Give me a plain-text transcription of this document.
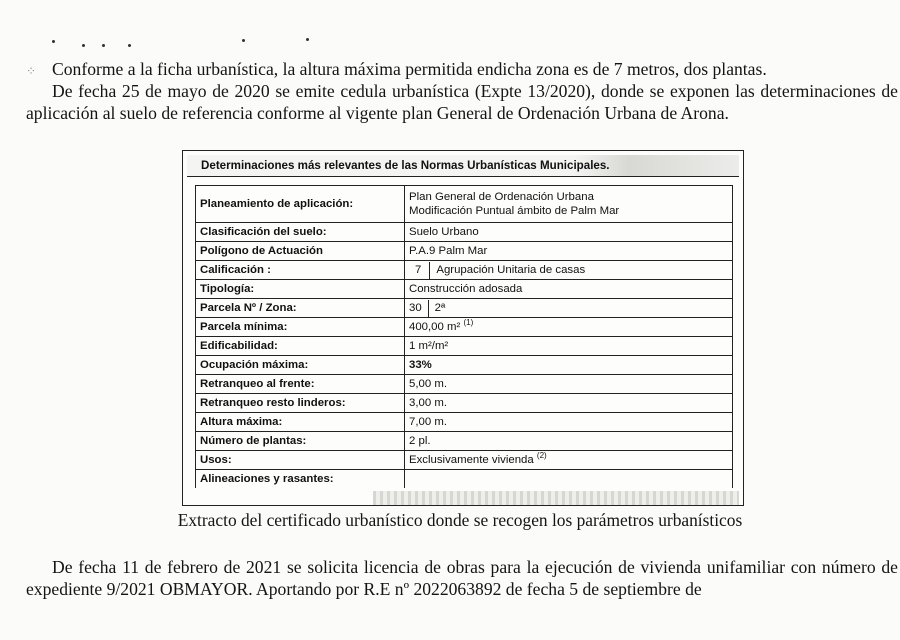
⁘ Conforme a la ficha urbanística, la altura máxima permitida endicha zona es de 7 metros, dos plantas.

De fecha 25 de mayo de 2020 se emite cedula urbanística (Expte 13/2020), donde se exponen las determinaciones de aplicación al suelo de referencia conforme al vigente plan General de Ordenación Urbana de Arona.

Determinaciones más relevantes de las Normas Urbanísticas Municipales.
Planeamiento de aplicación:	Plan General de Ordenación Urbana
Modificación Puntual ámbito de Palm Mar
Clasificación del suelo:	Suelo Urbano
Polígono de Actuación	P.A.9 Palm Mar
Calificación :	7 Agrupación Unitaria de casas
Tipología:	Construcción adosada
Parcela Nº / Zona:	30 2ª
Parcela mínima:	400,00 m² $^{(1)}$
Edificabilidad:	1 m²/m²
Ocupación máxima:	33%
Retranqueo al frente:	5,00 m.
Retranqueo resto linderos:	3,00 m.
Altura máxima:	7,00 m.
Número de plantas:	2 pl.
Usos:	Exclusivamente vivienda $^{(2)}$
Alineaciones y rasantes:	

Extracto del certificado urbanístico donde se recogen los parámetros urbanísticos

De fecha 11 de febrero de 2021 se solicita licencia de obras para la ejecución de vivienda unifamiliar con número de expediente 9/2021 OBMAYOR. Aportando por R.E nº 2022063892 de fecha 5 de septiembre de
